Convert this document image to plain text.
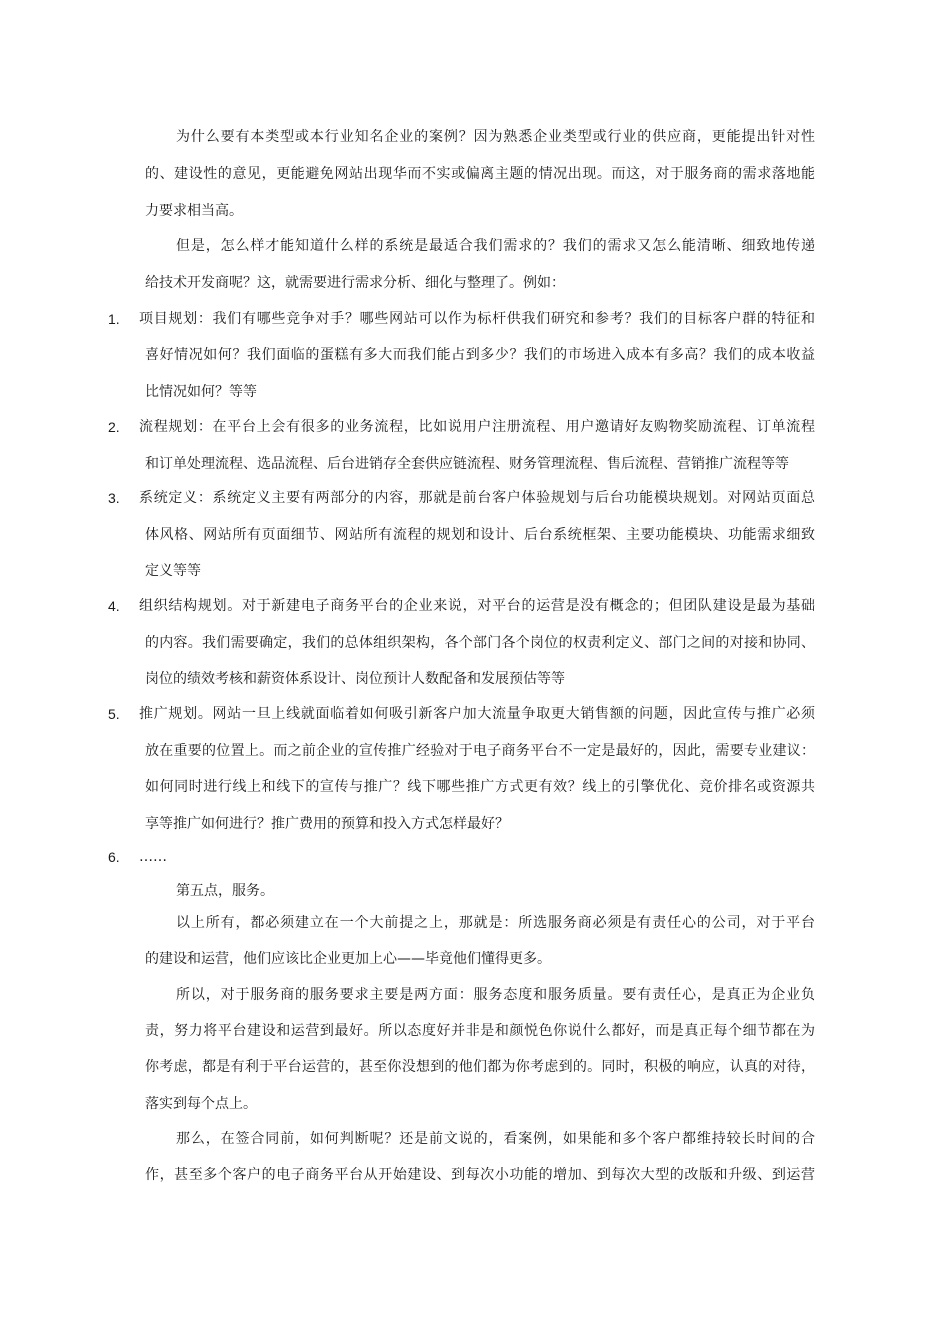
为什么要有本类型或本行业知名企业的案例？因为熟悉企业类型或行业的供应商，更能提出针对性
的、建设性的意见，更能避免网站出现华而不实或偏离主题的情况出现。而这，对于服务商的需求落地能
力要求相当高。
但是，怎么样才能知道什么样的系统是最适合我们需求的？我们的需求又怎么能清晰、细致地传递
给技术开发商呢？这，就需要进行需求分析、细化与整理了。例如：
1. 项目规划：我们有哪些竞争对手？哪些网站可以作为标杆供我们研究和参考？我们的目标客户群的特征和
喜好情况如何？我们面临的蛋糕有多大而我们能占到多少？我们的市场进入成本有多高？我们的成本收益
比情况如何？等等
2. 流程规划：在平台上会有很多的业务流程，比如说用户注册流程、用户邀请好友购物奖励流程、订单流程
和订单处理流程、选品流程、后台进销存全套供应链流程、财务管理流程、售后流程、营销推广流程等等
3. 系统定义：系统定义主要有两部分的内容，那就是前台客户体验规划与后台功能模块规划。对网站页面总
体风格、网站所有页面细节、网站所有流程的规划和设计、后台系统框架、主要功能模块、功能需求细致
定义等等
4. 组织结构规划。对于新建电子商务平台的企业来说，对平台的运营是没有概念的；但团队建设是最为基础
的内容。我们需要确定，我们的总体组织架构，各个部门各个岗位的权责利定义、部门之间的对接和协同、
岗位的绩效考核和薪资体系设计、岗位预计人数配备和发展预估等等
5. 推广规划。网站一旦上线就面临着如何吸引新客户加大流量争取更大销售额的问题，因此宣传与推广必须
放在重要的位置上。而之前企业的宣传推广经验对于电子商务平台不一定是最好的，因此，需要专业建议：
如何同时进行线上和线下的宣传与推广？线下哪些推广方式更有效？线上的引擎优化、竞价排名或资源共
享等推广如何进行？推广费用的预算和投入方式怎样最好？
6. ……
第五点，服务。
以上所有，都必须建立在一个大前提之上，那就是：所选服务商必须是有责任心的公司，对于平台
的建设和运营，他们应该比企业更加上心——毕竟他们懂得更多。
所以，对于服务商的服务要求主要是两方面：服务态度和服务质量。要有责任心，是真正为企业负
责，努力将平台建设和运营到最好。所以态度好并非是和颜悦色你说什么都好，而是真正每个细节都在为
你考虑，都是有利于平台运营的，甚至你没想到的他们都为你考虑到的。同时，积极的响应，认真的对待，
落实到每个点上。
那么，在签合同前，如何判断呢？还是前文说的，看案例，如果能和多个客户都维持较长时间的合
作，甚至多个客户的电子商务平台从开始建设、到每次小功能的增加、到每次大型的改版和升级、到运营
